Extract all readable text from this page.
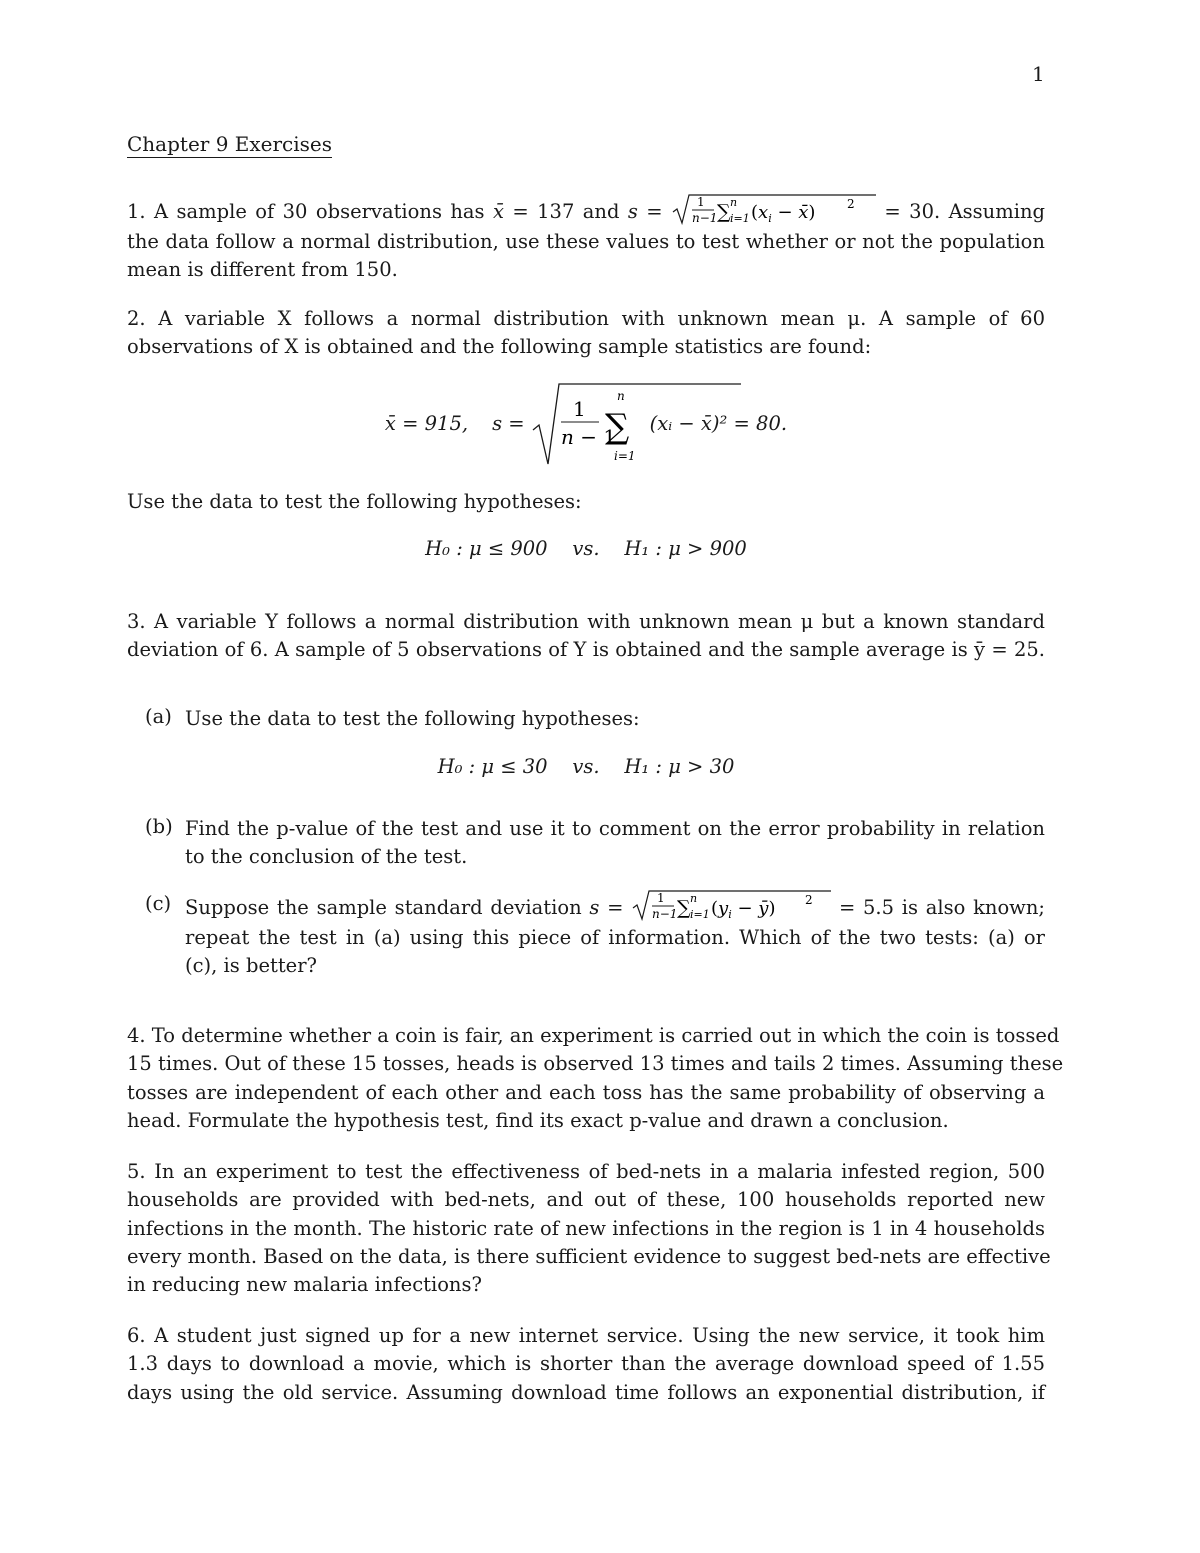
1
Chapter 9 Exercises
1. A sample of 30 observations has x̄ = 137 and s = 1
n−1 ∑ n
i=1 ($x_i$ − x̄)	2 = 30. Assuming
the data follow a normal distribution, use these values to test whether or not the population
mean is different from 150.
2. A variable X follows a normal distribution with unknown mean μ. A sample of 60
observations of X is obtained and the following sample statistics are found:
x̄ = 915, s =
1
n − 1
n
∑
i=1
(xᵢ − x̄)² = 80.
Use the data to test the following hypotheses:
H₀ : μ ≤ 900    vs.    H₁ : μ > 900
3. A variable Y follows a normal distribution with unknown mean μ but a known standard
deviation of 6. A sample of 5 observations of Y is obtained and the sample average is ȳ = 25.
(a) Use the data to test the following hypotheses:
H₀ : μ ≤ 30    vs.    H₁ : μ > 30
(b) Find the p-value of the test and use it to comment on the error probability in relation
to the conclusion of the test.
(c) Suppose the sample standard deviation s = 1
n−1 ∑ n
i=1 ($y_i$ − ȳ) 2 = 5.5 is also known;
repeat the test in (a) using this piece of information. Which of the two tests: (a) or
(c), is better?
4. To determine whether a coin is fair, an experiment is carried out in which the coin is tossed
15 times. Out of these 15 tosses, heads is observed 13 times and tails 2 times. Assuming these
tosses are independent of each other and each toss has the same probability of observing a
head. Formulate the hypothesis test, find its exact p-value and drawn a conclusion.
5. In an experiment to test the effectiveness of bed-nets in a malaria infested region, 500
households are provided with bed-nets, and out of these, 100 households reported new
infections in the month. The historic rate of new infections in the region is 1 in 4 households
every month. Based on the data, is there sufficient evidence to suggest bed-nets are effective
in reducing new malaria infections?
6. A student just signed up for a new internet service. Using the new service, it took him
1.3 days to download a movie, which is shorter than the average download speed of 1.55
days using the old service. Assuming download time follows an exponential distribution, if
